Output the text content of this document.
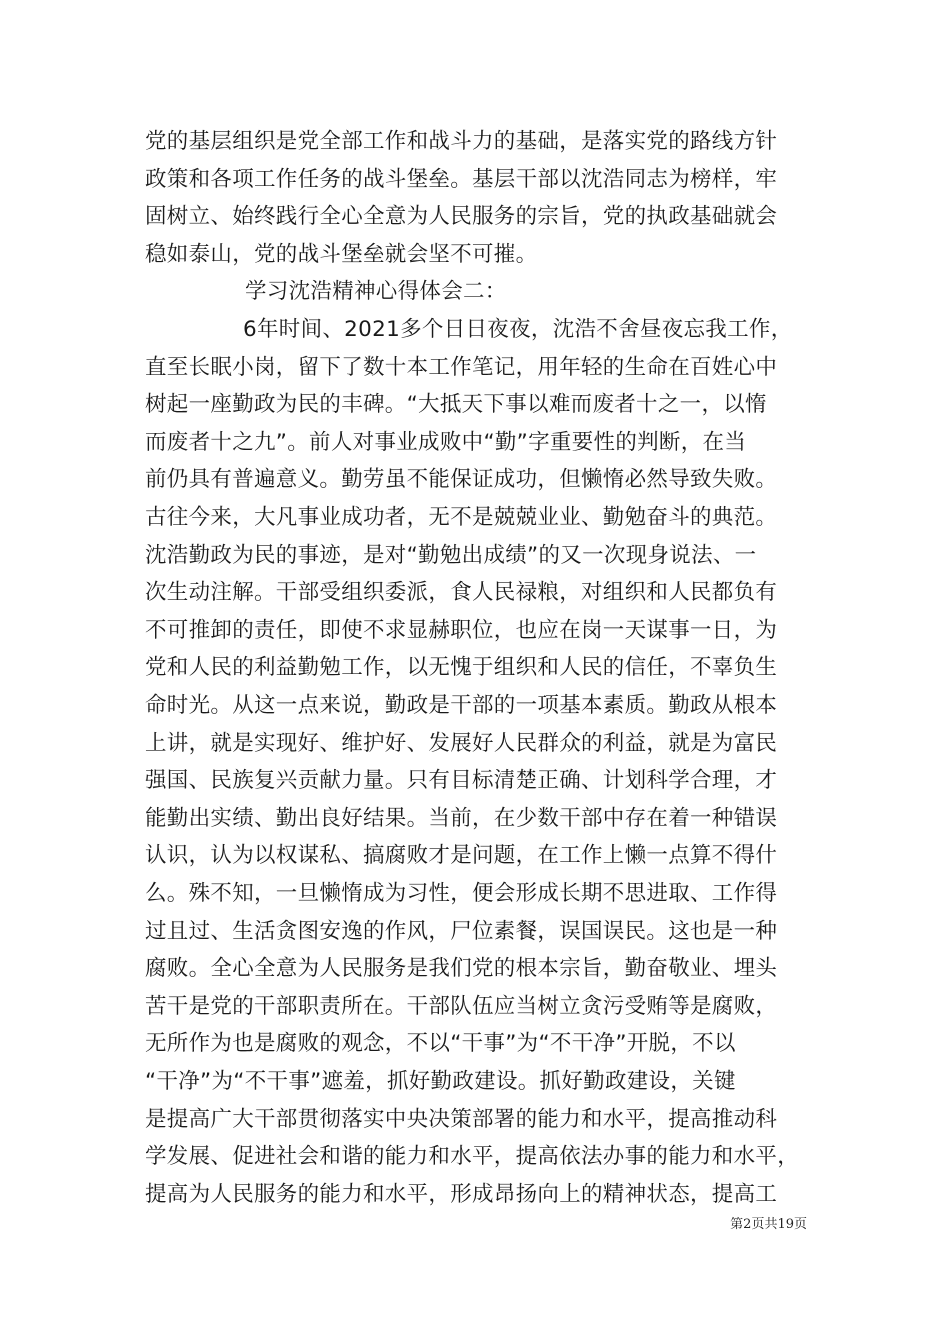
党的基层组织是党全部工作和战斗力的基础，是落实党的路线方针
政策和各项工作任务的战斗堡垒。基层干部以沈浩同志为榜样，牢
固树立、始终践行全心全意为人民服务的宗旨，党的执政基础就会
稳如泰山，党的战斗堡垒就会坚不可摧。
学习沈浩精神心得体会二：
6年时间、2021多个日日夜夜，沈浩不舍昼夜忘我工作，
直至长眠小岗，留下了数十本工作笔记，用年轻的生命在百姓心中
树起一座勤政为民的丰碑。“大抵天下事以难而废者十之一，以惰
而废者十之九”。前人对事业成败中“勤”字重要性的判断，在当
前仍具有普遍意义。勤劳虽不能保证成功，但懒惰必然导致失败。
古往今来，大凡事业成功者，无不是兢兢业业、勤勉奋斗的典范。
沈浩勤政为民的事迹，是对“勤勉出成绩”的又一次现身说法、一
次生动注解。干部受组织委派，食人民禄粮，对组织和人民都负有
不可推卸的责任，即使不求显赫职位，也应在岗一天谋事一日，为
党和人民的利益勤勉工作，以无愧于组织和人民的信任，不辜负生
命时光。从这一点来说，勤政是干部的一项基本素质。勤政从根本
上讲，就是实现好、维护好、发展好人民群众的利益，就是为富民
强国、民族复兴贡献力量。只有目标清楚正确、计划科学合理，才
能勤出实绩、勤出良好结果。当前，在少数干部中存在着一种错误
认识，认为以权谋私、搞腐败才是问题，在工作上懒一点算不得什
么。殊不知，一旦懒惰成为习性，便会形成长期不思进取、工作得
过且过、生活贪图安逸的作风，尸位素餐，误国误民。这也是一种
腐败。全心全意为人民服务是我们党的根本宗旨，勤奋敬业、埋头
苦干是党的干部职责所在。干部队伍应当树立贪污受贿等是腐败，
无所作为也是腐败的观念，不以“干事”为“不干净”开脱，不以
“干净”为“不干事”遮羞，抓好勤政建设。抓好勤政建设，关键
是提高广大干部贯彻落实中央决策部署的能力和水平，提高推动科
学发展、促进社会和谐的能力和水平，提高依法办事的能力和水平，
提高为人民服务的能力和水平，形成昂扬向上的精神状态，提高工
第2页共19页
